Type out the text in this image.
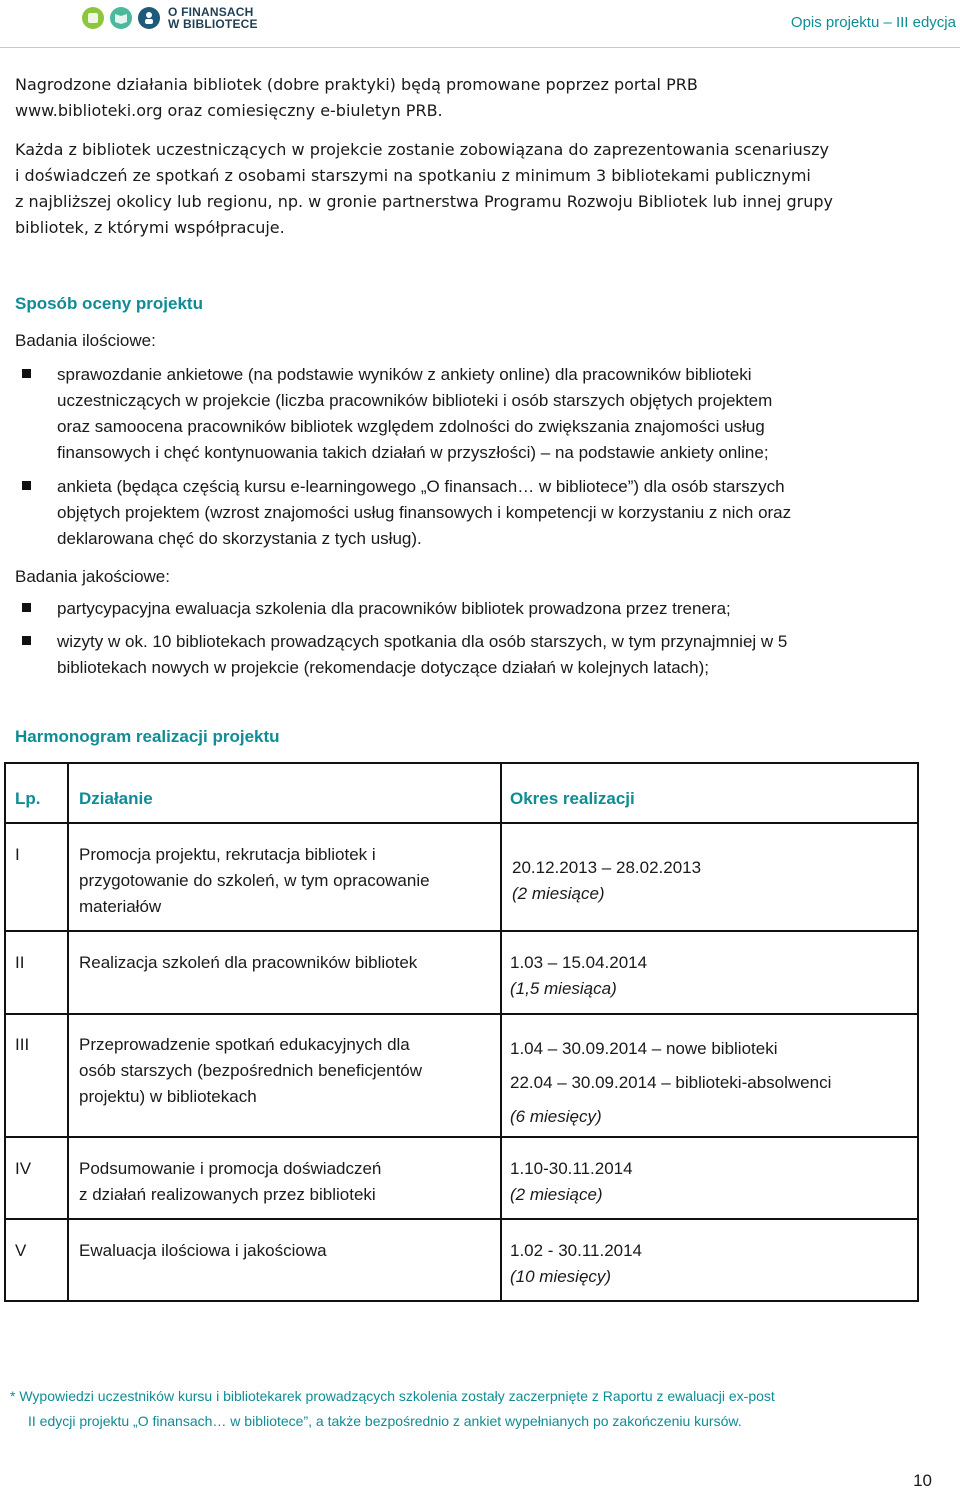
O FINANSACH
W BIBLIOTECE	Opis projektu – III edycja
Nagrodzone działania bibliotek (dobre praktyki) będą promowane poprzez portal PRB
www.biblioteki.org oraz comiesięczny e-biuletyn PRB.
Każda z bibliotek uczestniczących w projekcie zostanie zobowiązana do zaprezentowania scenariuszy
i doświadczeń ze spotkań z osobami starszymi na spotkaniu z minimum 3 bibliotekami publicznymi
z najbliższej okolicy lub regionu, np. w gronie partnerstwa Programu Rozwoju Bibliotek lub innej grupy
bibliotek, z którymi współpracuje.
Sposób oceny projektu
Badania ilościowe:
sprawozdanie ankietowe (na podstawie wyników z ankiety online) dla pracowników biblioteki
uczestniczących w projekcie (liczba pracowników biblioteki i osób starszych objętych projektem
oraz samoocena pracowników bibliotek względem zdolności do zwiększania znajomości usług
finansowych i chęć kontynuowania takich działań w przyszłości) – na podstawie ankiety online;
ankieta (będąca częścią kursu e-learningowego „O finansach… w bibliotece”) dla osób starszych
objętych projektem (wzrost znajomości usług finansowych i kompetencji w korzystaniu z nich oraz
deklarowana chęć do skorzystania z tych usług).
Badania jakościowe:
partycypacyjna ewaluacja szkolenia dla pracowników bibliotek prowadzona przez trenera;
wizyty w ok. 10 bibliotekach prowadzących spotkania dla osób starszych, w tym przynajmniej w 5
bibliotekach nowych w projekcie (rekomendacje dotyczące działań w kolejnych latach);
Harmonogram realizacji projektu
Lp. Działanie	Okres realizacji
I	Promocja projektu, rekrutacja bibliotek i
przygotowanie do szkoleń, w tym opracowanie
materiałów
20.12.2013 – 28.02.2013
(2 miesiące)
II	Realizacja szkoleń dla pracowników bibliotek	1.03 – 15.04.2014
(1,5 miesiąca)
III	Przeprowadzenie spotkań edukacyjnych dla
osób starszych (bezpośrednich beneficjentów
projektu) w bibliotekach
1.04 – 30.09.2014 – nowe biblioteki
22.04 – 30.09.2014 – biblioteki-absolwenci
(6 miesięcy)
IV	Podsumowanie i promocja doświadczeń
z działań realizowanych przez biblioteki
1.10-30.11.2014
(2 miesiące)
V	Ewaluacja ilościowa i jakościowa	1.02 - 30.11.2014
(10 miesięcy)
* Wypowiedzi uczestników kursu i bibliotekarek prowadzących szkolenia zostały zaczerpnięte z Raportu z ewaluacji ex-post
II edycji projektu „O finansach… w bibliotece”, a także bezpośrednio z ankiet wypełnianych po zakończeniu kursów.
10
